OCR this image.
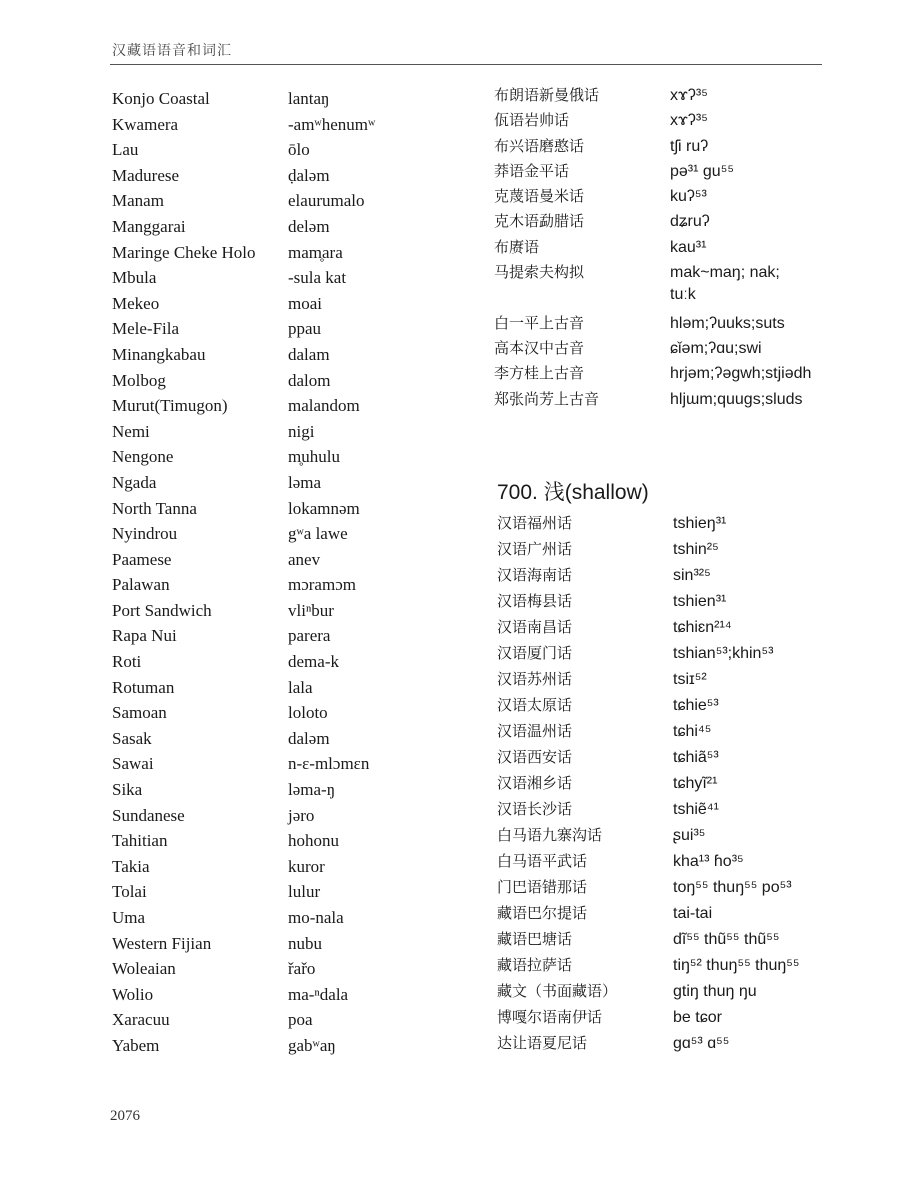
汉藏语语音和词汇
Konjo Coastal	lantaŋ
Kwamera	-amʷhenumʷ
Lau	ōlo
Madurese	ḍaləm
Manam	elaurumalo
Manggarai	deləm
Maringe Cheke Holo	mam̥ara
Mbula	-sula kat
Mekeo	moai
Mele-Fila	ppau
Minangkabau	dalam
Molbog	dalom
Murut(Timugon)	malandom
Nemi	nigi
Nengone	m̥uhulu
Ngada	ləma
North Tanna	lokamnəm
Nyindrou	gʷa lawe
Paamese	anev
Palawan	mɔramɔm
Port Sandwich	vliⁿbur
Rapa Nui	parera
Roti	dema-k
Rotuman	lala
Samoan	loloto
Sasak	daləm
Sawai	n-ɛ-mlɔmɛn
Sika	ləma-ŋ
Sundanese	jəro
Tahitian	hohonu
Takia	kuror
Tolai	lulur
Uma	mo-nala
Western Fijian	nubu
Woleaian	řařo
Wolio	ma-ⁿdala
Xaracuu	poa
Yabem	gabʷaŋ
布朗语新曼俄话	xɤʔ³⁵
佤语岩帅话	xɤʔ³⁵
布兴语磨憨话	tʃi ruʔ
莽语金平话	pə³¹ gu⁵⁵
克蔑语曼米话	kuʔ⁵³
克木语勐腊话	dʑruʔ
布赓语	kau³¹
马提索夫构拟	mak~maŋ; nak;
tuːk
白一平上古音	hləm;ʔuuks;suts
高本汉中古音	ɕǐəm;ʔɑu;swi
李方桂上古音	hrjəm;ʔəgwh;stjiədh
郑张尚芳上古音	hljɯm;quugs;sluds
700. 浅(shallow)
汉语福州话	tshieŋ³¹
汉语广州话	tshin²⁵
汉语海南话	sin³²⁵
汉语梅县话	tshien³¹
汉语南昌话	tɕhiɛn²¹⁴
汉语厦门话	tshian⁵³;khin⁵³
汉语苏州话	tsiɪ⁵²
汉语太原话	tɕhie⁵³
汉语温州话	tɕhi⁴⁵
汉语西安话	tɕhiã⁵³
汉语湘乡话	tɕhyĩ²¹
汉语长沙话	tshiẽ⁴¹
白马语九寨沟话	ʂui³⁵
白马语平武话	kha¹³ ɦo³⁵
门巴语错那话	toŋ⁵⁵ thuŋ⁵⁵ po⁵³
藏语巴尔提话	tai-tai
藏语巴塘话	dĩ⁵⁵ thũ⁵⁵ thũ⁵⁵
藏语拉萨话	tiŋ⁵² thuŋ⁵⁵ thuŋ⁵⁵
藏文（书面藏语）	gtiŋ thuŋ ŋu
博嘎尔语南伊话	be tɕor
达让语夏尼话	gɑ⁵³ ɑ⁵⁵
2076
